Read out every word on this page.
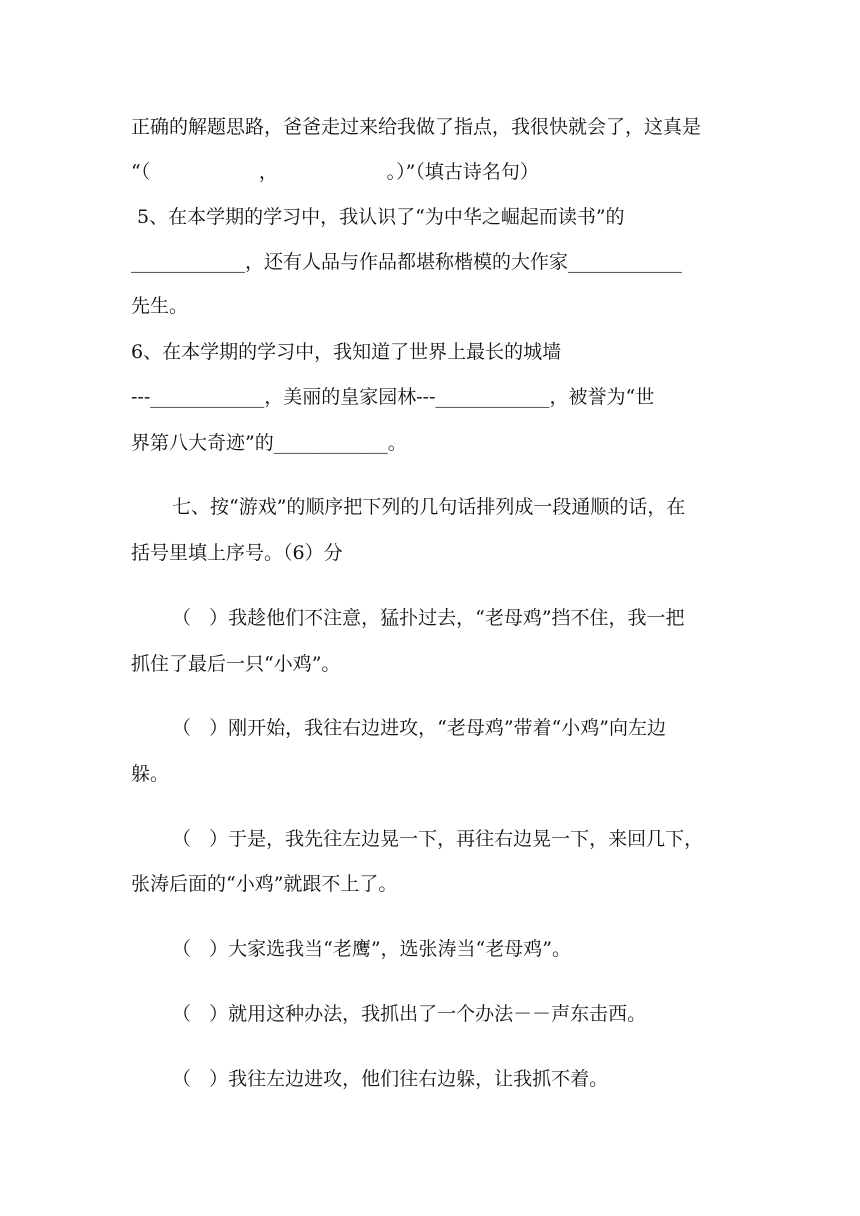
正确的解题思路，爸爸走过来给我做了指点，我很快就会了，这真是
“（                  ，                  。）”（填古诗名句）
5、在本学期的学习中，我认识了“为中华之崛起而读书”的
____________，还有人品与作品都堪称楷模的大作家____________
先生。
6、在本学期的学习中，我知道了世界上最长的城墙
---____________，美丽的皇家园林---____________，被誉为“世
界第八大奇迹”的____________。
七、按“游戏”的顺序把下列的几句话排列成一段通顺的话，在
括号里填上序号。（6）分
（   ）我趁他们不注意，猛扑过去，“老母鸡”挡不住，我一把
抓住了最后一只“小鸡”。
（   ）刚开始，我往右边进攻，“老母鸡”带着“小鸡”向左边
躲。
（   ）于是，我先往左边晃一下，再往右边晃一下，来回几下，
张涛后面的“小鸡”就跟不上了。
（   ）大家选我当“老鹰”，选张涛当“老母鸡”。
（   ）就用这种办法，我抓出了一个办法－－声东击西。
（   ）我往左边进攻，他们往右边躲，让我抓不着。
